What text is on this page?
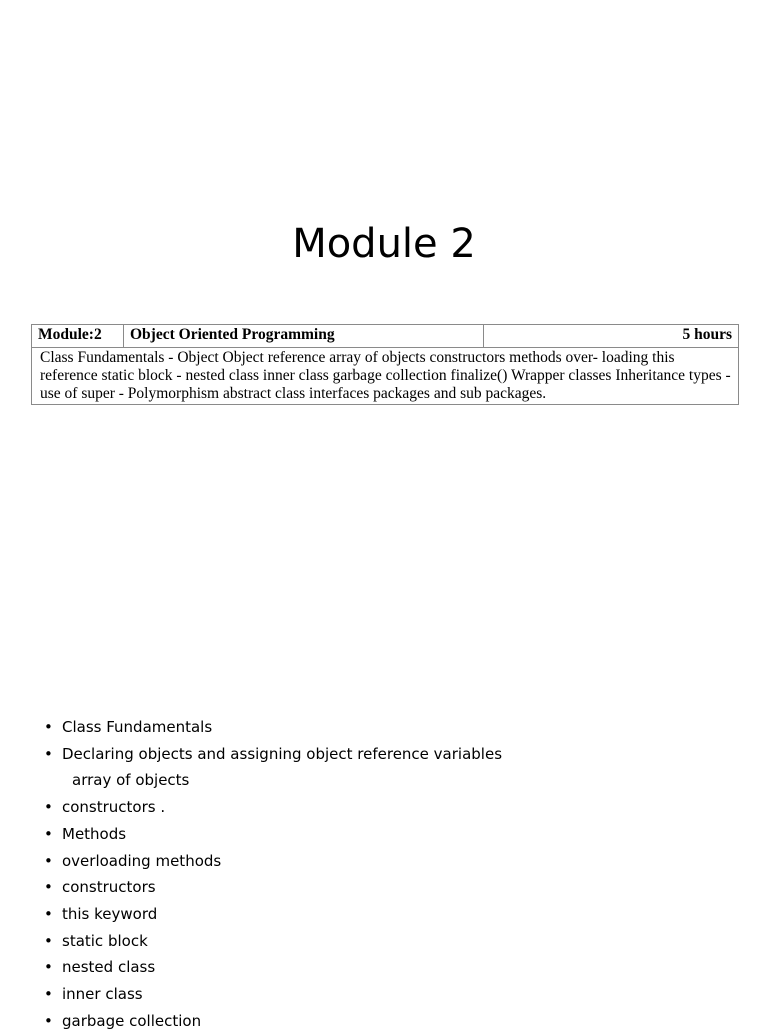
Module 2
Module:2	Object Oriented Programming	5 hours
Class Fundamentals - Object Object reference array of objects constructors methods over- loading this reference static block - nested class inner class garbage collection finalize() Wrapper classes Inheritance types - use of super - Polymorphism abstract class interfaces packages and sub packages.
• Class Fundamentals
• Declaring objects and assigning object reference variables
array of objects
• constructors .
• Methods
• overloading methods
• constructors
• this keyword
• static block
• nested class
• inner class
• garbage collection
